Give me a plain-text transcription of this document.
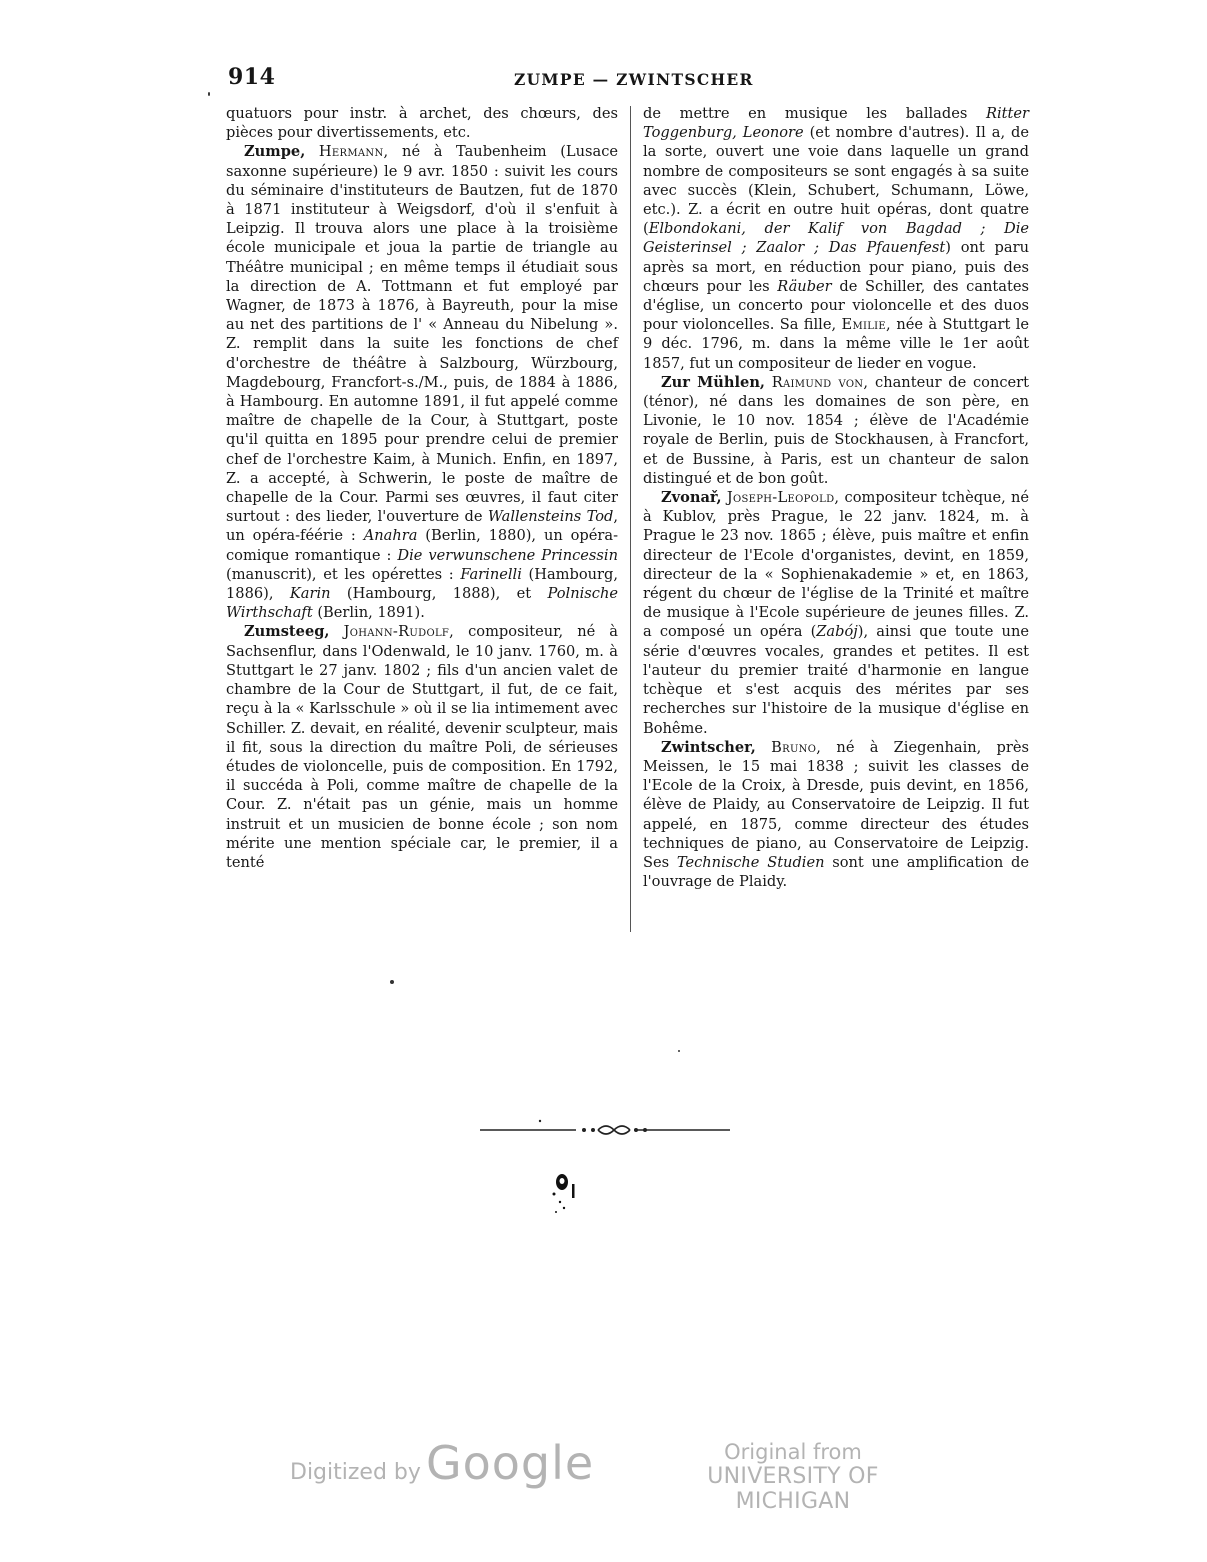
914	ZUMPE — ZWINTSCHER

quatuors pour instr. à archet, des chœurs, des pièces pour divertissements, etc.

Zumpe, Hermann, né à Taubenheim (Lusace saxonne supérieure) le 9 avr. 1850 : suivit les cours du séminaire d'instituteurs de Bautzen, fut de 1870 à 1871 instituteur à Weigsdorf, d'où il s'enfuit à Leipzig. Il trouva alors une place à la troisième école municipale et joua la partie de triangle au Théâtre municipal ; en même temps il étudiait sous la direction de A. Tottmann et fut employé par Wagner, de 1873 à 1876, à Bayreuth, pour la mise au net des partitions de l' « Anneau du Nibelung ». Z. remplit dans la suite les fonctions de chef d'orchestre de théâtre à Salzbourg, Würzbourg, Magdebourg, Francfort-s./M., puis, de 1884 à 1886, à Hambourg. En automne 1891, il fut appelé comme maître de chapelle de la Cour, à Stuttgart, poste qu'il quitta en 1895 pour prendre celui de premier chef de l'orchestre Kaim, à Munich. Enfin, en 1897, Z. a accepté, à Schwerin, le poste de maître de chapelle de la Cour. Parmi ses œuvres, il faut citer surtout : des lieder, l'ouverture de Wallensteins Tod, un opéra-féérie : Anahra (Berlin, 1880), un opéra-comique romantique : Die verwunschene Princessin (manuscrit), et les opérettes : Farinelli (Hambourg, 1886), Karin (Hambourg, 1888), et Polnische Wirthschaft (Berlin, 1891).

Zumsteeg, Johann-Rudolf, compositeur, né à Sachsenflur, dans l'Odenwald, le 10 janv. 1760, m. à Stuttgart le 27 janv. 1802 ; fils d'un ancien valet de chambre de la Cour de Stuttgart, il fut, de ce fait, reçu à la « Karlsschule » où il se lia intimement avec Schiller. Z. devait, en réalité, devenir sculpteur, mais il fit, sous la direction du maître Poli, de sérieuses études de violoncelle, puis de composition. En 1792, il succéda à Poli, comme maître de chapelle de la Cour. Z. n'était pas un génie, mais un homme instruit et un musicien de bonne école ; son nom mérite une mention spéciale car, le premier, il a tenté

de mettre en musique les ballades Ritter Toggenburg, Leonore (et nombre d'autres). Il a, de la sorte, ouvert une voie dans laquelle un grand nombre de compositeurs se sont engagés à sa suite avec succès (Klein, Schubert, Schumann, Löwe, etc.). Z. a écrit en outre huit opéras, dont quatre (Elbondokani, der Kalif von Bagdad ; Die Geisterinsel ; Zaalor ; Das Pfauenfest) ont paru après sa mort, en réduction pour piano, puis des chœurs pour les Räuber de Schiller, des cantates d'église, un concerto pour violoncelle et des duos pour violoncelles. Sa fille, Emilie, née à Stuttgart le 9 déc. 1796, m. dans la même ville le 1er août 1857, fut un compositeur de lieder en vogue.

Zur Mühlen, Raimund von, chanteur de concert (ténor), né dans les domaines de son père, en Livonie, le 10 nov. 1854 ; élève de l'Académie royale de Berlin, puis de Stockhausen, à Francfort, et de Bussine, à Paris, est un chanteur de salon distingué et de bon goût.

Zvonař, Joseph-Leopold, compositeur tchèque, né à Kublov, près Prague, le 22 janv. 1824, m. à Prague le 23 nov. 1865 ; élève, puis maître et enfin directeur de l'Ecole d'organistes, devint, en 1859, directeur de la « Sophienakademie » et, en 1863, régent du chœur de l'église de la Trinité et maître de musique à l'Ecole supérieure de jeunes filles. Z. a composé un opéra (Zabój), ainsi que toute une série d'œuvres vocales, grandes et petites. Il est l'auteur du premier traité d'harmonie en langue tchèque et s'est acquis des mérites par ses recherches sur l'histoire de la musique d'église en Bohême.

Zwintscher, Bruno, né à Ziegenhain, près Meissen, le 15 mai 1838 ; suivit les classes de l'Ecole de la Croix, à Dresde, puis devint, en 1856, élève de Plaidy, au Conservatoire de Leipzig. Il fut appelé, en 1875, comme directeur des études techniques de piano, au Conservatoire de Leipzig. Ses Technische Studien sont une amplification de l'ouvrage de Plaidy.

Digitized by Google	Original from
UNIVERSITY OF MICHIGAN
